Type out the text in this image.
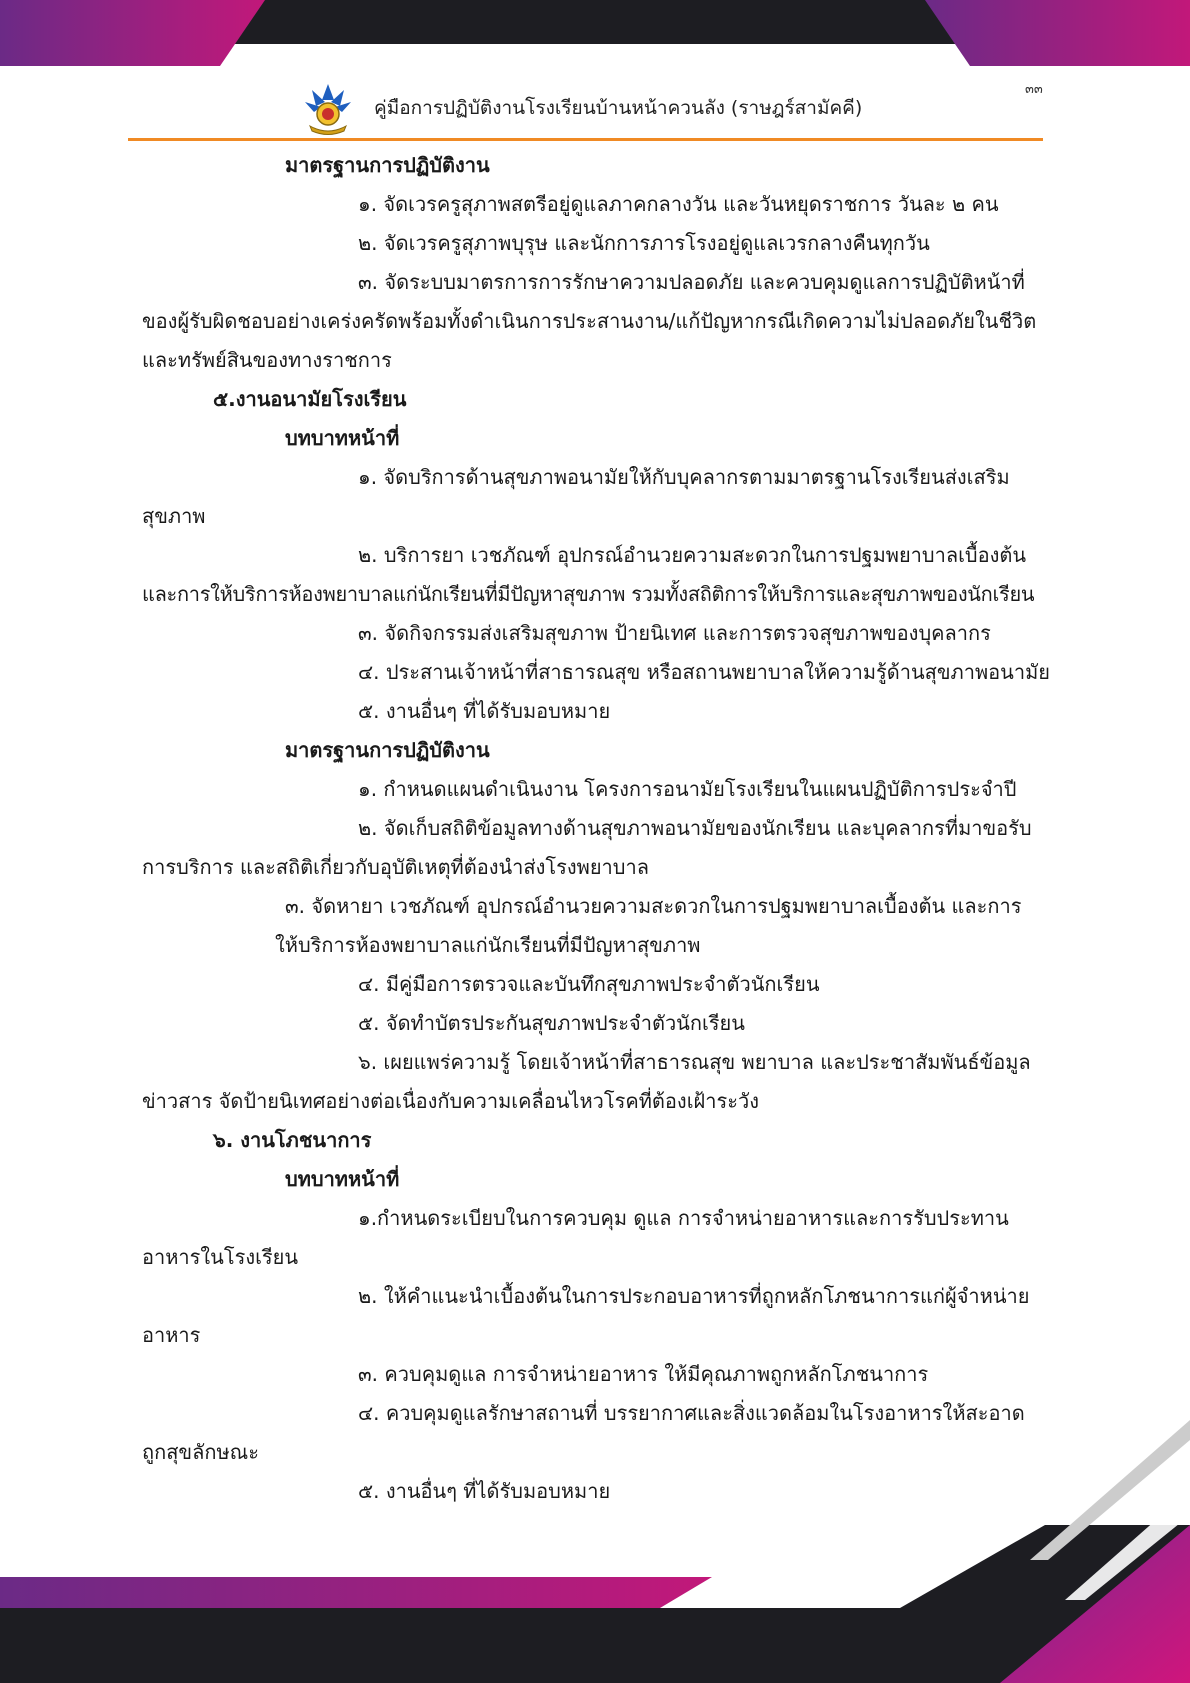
๓๓
คู่มือการปฏิบัติงานโรงเรียนบ้านหน้าควนลัง (ราษฎร์สามัคคี)
มาตรฐานการปฏิบัติงาน
๑. จัดเวรครูสุภาพสตรีอยู่ดูแลภาคกลางวัน และวันหยุดราชการ วันละ ๒ คน
๒. จัดเวรครูสุภาพบุรุษ และนักการภารโรงอยู่ดูแลเวรกลางคืนทุกวัน
๓. จัดระบบมาตรการการรักษาความปลอดภัย และควบคุมดูแลการปฏิบัติหน้าที่
ของผู้รับผิดชอบอย่างเคร่งครัดพร้อมทั้งดำเนินการประสานงาน/แก้ปัญหากรณีเกิดความไม่ปลอดภัยในชีวิต
และทรัพย์สินของทางราชการ
๕.งานอนามัยโรงเรียน
บทบาทหน้าที่
๑. จัดบริการด้านสุขภาพอนามัยให้กับบุคลากรตามมาตรฐานโรงเรียนส่งเสริม
สุขภาพ
๒. บริการยา เวชภัณฑ์ อุปกรณ์อำนวยความสะดวกในการปฐมพยาบาลเบื้องต้น
และการให้บริการห้องพยาบาลแก่นักเรียนที่มีปัญหาสุขภาพ รวมทั้งสถิติการให้บริการและสุขภาพของนักเรียน
๓. จัดกิจกรรมส่งเสริมสุขภาพ ป้ายนิเทศ และการตรวจสุขภาพของบุคลากร
๔. ประสานเจ้าหน้าที่สาธารณสุข หรือสถานพยาบาลให้ความรู้ด้านสุขภาพอนามัย
๕. งานอื่นๆ ที่ได้รับมอบหมาย
มาตรฐานการปฏิบัติงาน
๑. กำหนดแผนดำเนินงาน โครงการอนามัยโรงเรียนในแผนปฏิบัติการประจำปี
๒. จัดเก็บสถิติข้อมูลทางด้านสุขภาพอนามัยของนักเรียน และบุคลากรที่มาขอรับ
การบริการ และสถิติเกี่ยวกับอุบัติเหตุที่ต้องนำส่งโรงพยาบาล
๓. จัดหายา เวชภัณฑ์ อุปกรณ์อำนวยความสะดวกในการปฐมพยาบาลเบื้องต้น และการ
ให้บริการห้องพยาบาลแก่นักเรียนที่มีปัญหาสุขภาพ
๔. มีคู่มือการตรวจและบันทึกสุขภาพประจำตัวนักเรียน
๕. จัดทำบัตรประกันสุขภาพประจำตัวนักเรียน
๖. เผยแพร่ความรู้ โดยเจ้าหน้าที่สาธารณสุข พยาบาล และประชาสัมพันธ์ข้อมูล
ข่าวสาร จัดป้ายนิเทศอย่างต่อเนื่องกับความเคลื่อนไหวโรคที่ต้องเฝ้าระวัง
๖. งานโภชนาการ
บทบาทหน้าที่
๑.กำหนดระเบียบในการควบคุม ดูแล การจำหน่ายอาหารและการรับประทาน
อาหารในโรงเรียน
๒. ให้คำแนะนำเบื้องต้นในการประกอบอาหารที่ถูกหลักโภชนาการแก่ผู้จำหน่าย
อาหาร
๓. ควบคุมดูแล การจำหน่ายอาหาร ให้มีคุณภาพถูกหลักโภชนาการ
๔. ควบคุมดูแลรักษาสถานที่ บรรยากาศและสิ่งแวดล้อมในโรงอาหารให้สะอาด
ถูกสุขลักษณะ
๕. งานอื่นๆ ที่ได้รับมอบหมาย
